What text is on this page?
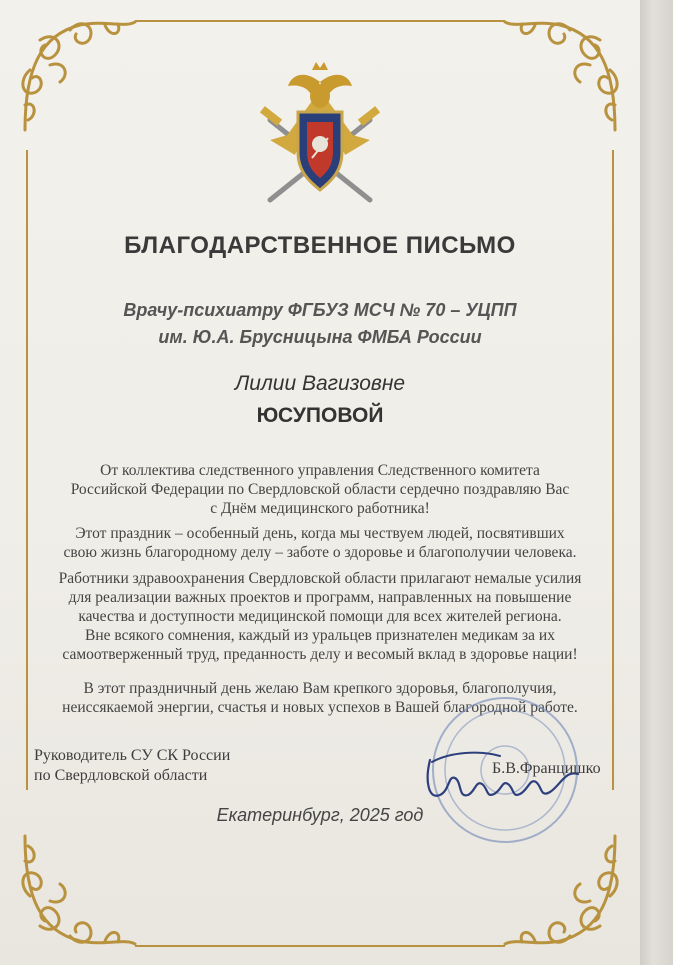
БЛАГОДАРСТВЕННОЕ ПИСЬМО
Врачу-психиатру ФГБУЗ МСЧ № 70 – УЦПП
им. Ю.А. Брусницына ФМБА России
Лилии Вагизовне
ЮСУПОВОЙ
От коллектива следственного управления Следственного комитета
Российской Федерации по Свердловской области сердечно поздравляю Вас
с Днём медицинского работника!
Этот праздник – особенный день, когда мы чествуем людей, посвятивших
свою жизнь благородному делу – заботе о здоровье и благополучии человека.
Работники здравоохранения Свердловской области прилагают немалые усилия
для реализации важных проектов и программ, направленных на повышение
качества и доступности медицинской помощи для всех жителей региона.
Вне всякого сомнения, каждый из уральцев признателен медикам за их
самоотверженный труд, преданность делу и весомый вклад в здоровье нации!
В этот праздничный день желаю Вам крепкого здоровья, благополучия,
неиссякаемой энергии, счастья и новых успехов в Вашей благородной работе.
Руководитель СУ СК России
по Свердловской области	Б.В.Францишко
Екатеринбург, 2025 год
